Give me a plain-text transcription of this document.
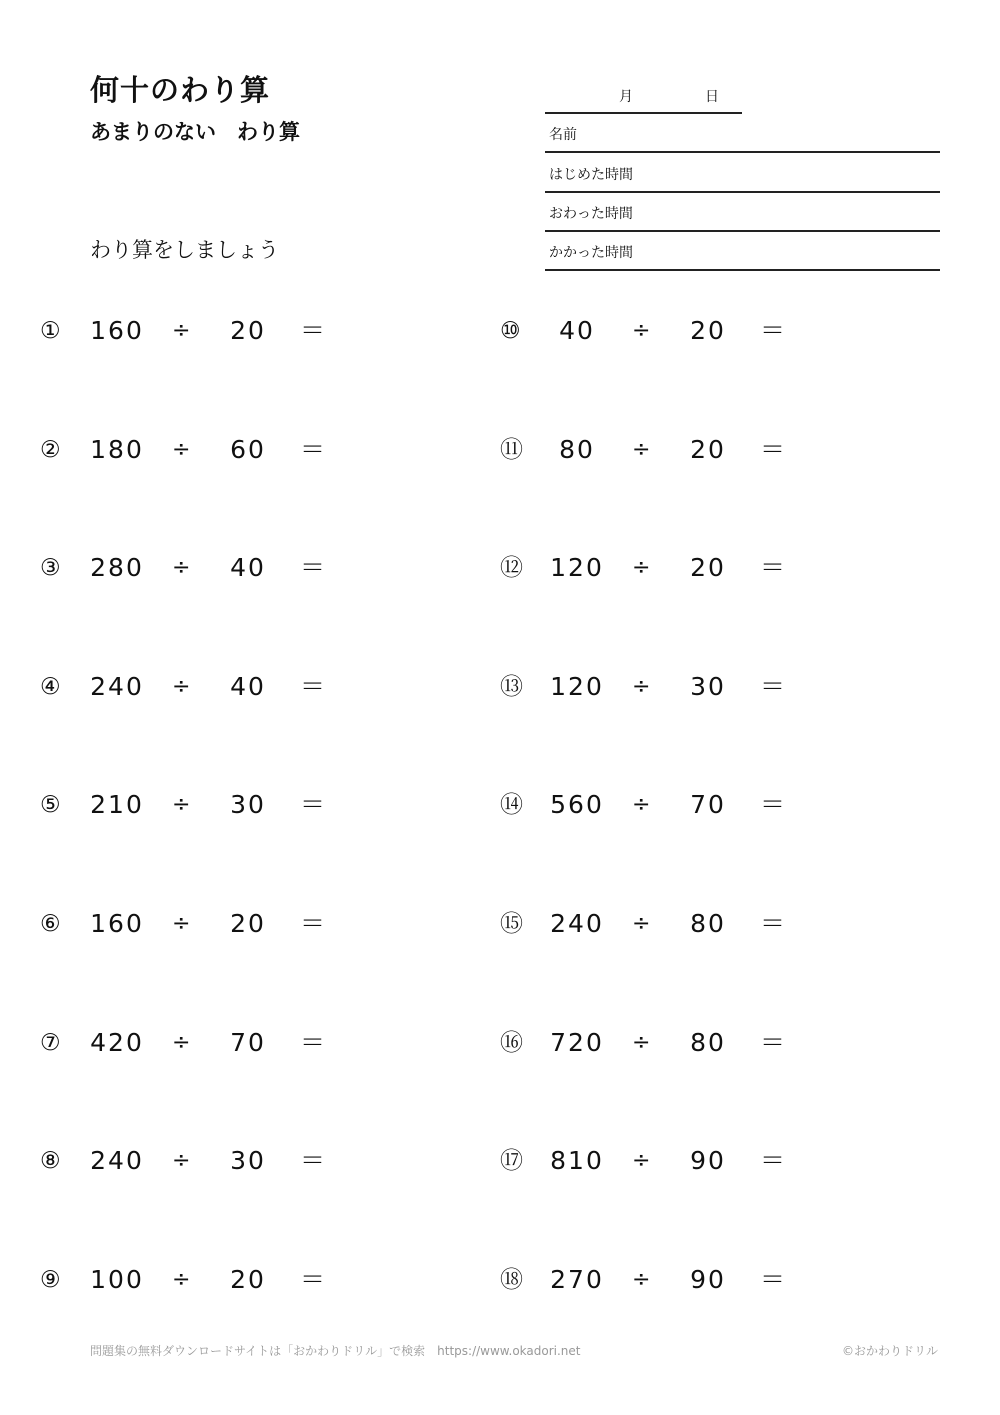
何十のわり算
あまりのない　わり算
わり算をしましょう
月	日
名前
はじめた時間
おわった時間
かかった時間
①	160	÷	20	＝
②	180	÷	60	＝
③	280	÷	40	＝
④	240	÷	40	＝
⑤	210	÷	30	＝
⑥	160	÷	20	＝
⑦	420	÷	70	＝
⑧	240	÷	30	＝
⑨	100	÷	20	＝
⑩	40	÷	20	＝
⑪	80	÷	20	＝
⑫	120	÷	20	＝
⑬	120	÷	30	＝
⑭	560	÷	70	＝
⑮	240	÷	80	＝
⑯	720	÷	80	＝
⑰	810	÷	90	＝
⑱	270	÷	90	＝
問題集の無料ダウンロードサイトは「おかわりドリル」で検索　https://www.okadori.net	©おかわりドリル
